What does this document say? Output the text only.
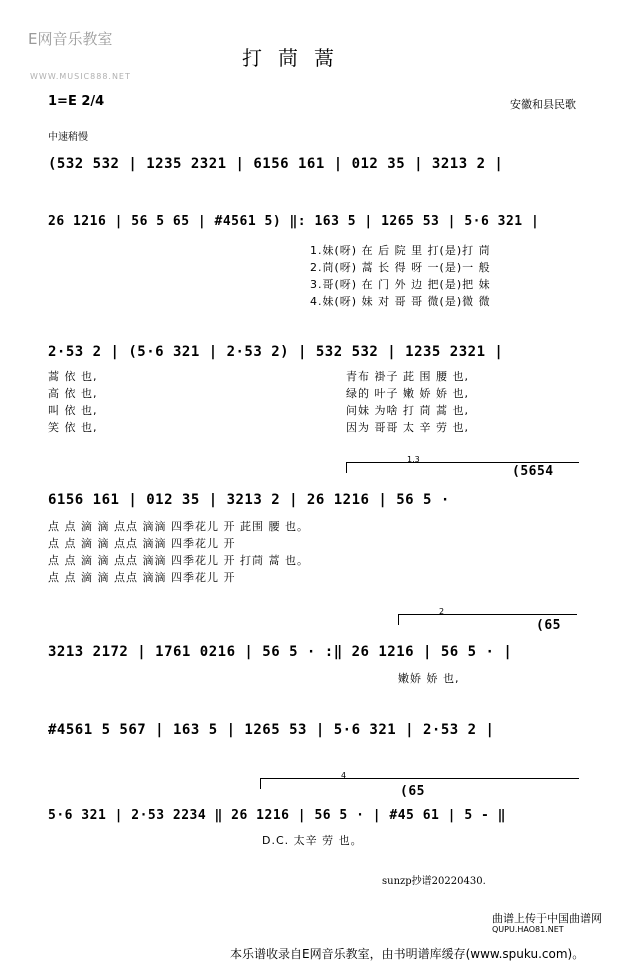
E网音乐教室
WWW.MUSIC888.NET
打茼蒿
1=E 2/4	安徽和县民歌
中速稍慢
(532 532 | 1235 2321 | 6156 161 | 012 35 | 3213 2 |
26 1216 | 56 5 65 | #4561 5) ‖: 163 5 | 1265 53 | 5·6 321 |
1.妹(呀) 在 后 院 里 打(是)打 茼
2.茼(呀) 蒿 长 得 呀 一(是)一 般
3.哥(呀) 在 门 外 边 把(是)把 妹
4.妹(呀) 妹 对 哥 哥 微(是)微 微
2·53 2 | (5·6 321 | 2·53 2) | 532 532 | 1235 2321 |
蒿 依 也,
高 依 也,
叫 依 也,
笑 依 也,
青布 褂子 茈 围 腰 也,
绿的 叶子 嫩 娇 娇 也,
问妹 为啥 打 茼 蒿 也,
因为 哥哥 太 辛 劳 也,
1.3
(5654
6156 161 | 012 35 | 3213 2 | 26 1216 | 56 5 ·
点 点 滴 滴 点点 滴滴 四季花儿 开 茈围 腰 也。
点 点 滴 滴 点点 滴滴 四季花儿 开
点 点 滴 滴 点点 滴滴 四季花儿 开 打茼 蒿 也。
点 点 滴 滴 点点 滴滴 四季花儿 开
2
(65
3213 2172 | 1761 0216 | 56 5 · :‖ 26 1216 | 56 5 · |
嫩娇 娇 也,
#4561 5 567 | 163 5 | 1265 53 | 5·6 321 | 2·53 2 |
4
(65
5·6 321 | 2·53 2234 ‖ 26 1216 | 56 5 · | #45 61 | 5 - ‖
D.C. 太辛 劳 也。
sunzp抄谱20220430.
曲谱上传于中国曲谱网
QUPU.HAO81.NET
本乐谱收录自E网音乐教室，由书明谱库缓存(www.spuku.com)。
